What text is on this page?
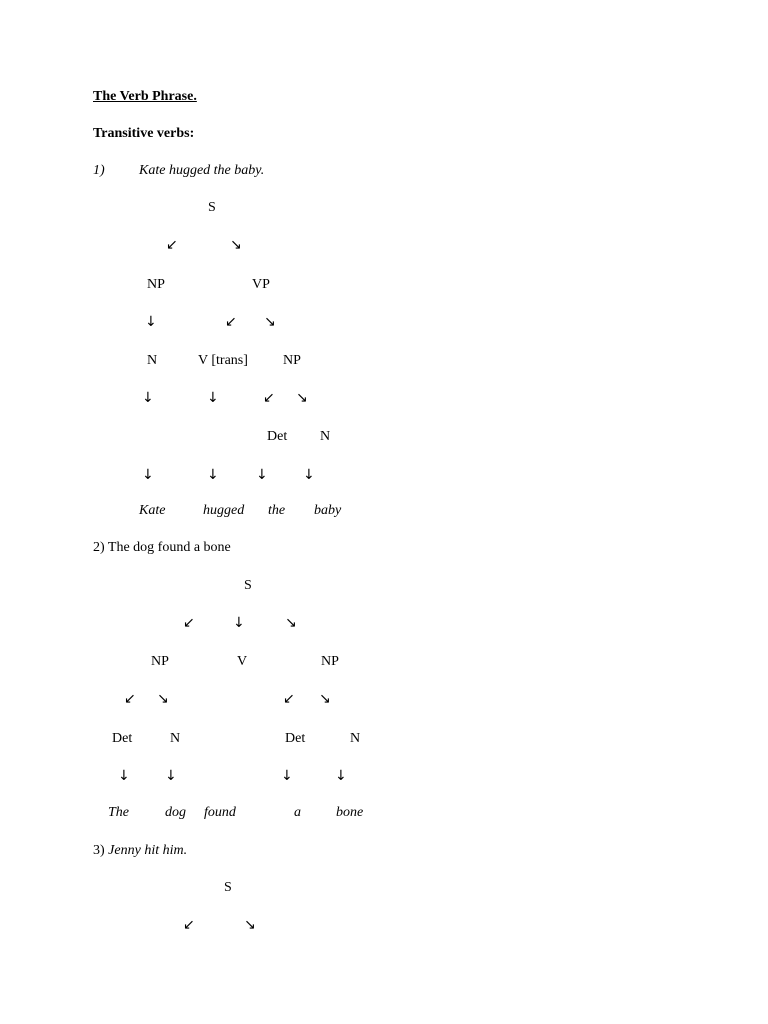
The Verb Phrase.
Transitive verbs:
1) Kate hugged the baby.
S
↙	↘
NP	VP
↓	↙ ↘
N	V [trans]	NP
↓	↓	↙ ↘
Det N
↓	↓	↓	↓
Kate	hugged the baby
2) The dog found a bone
S
↙	↓	↘
NP	V	NP
↙ ↘	↙ ↘
Det	N	Det	N
↓	↓	↓	↓
The	dog found	a	bone
3) Jenny hit him.
S
↙	↘
